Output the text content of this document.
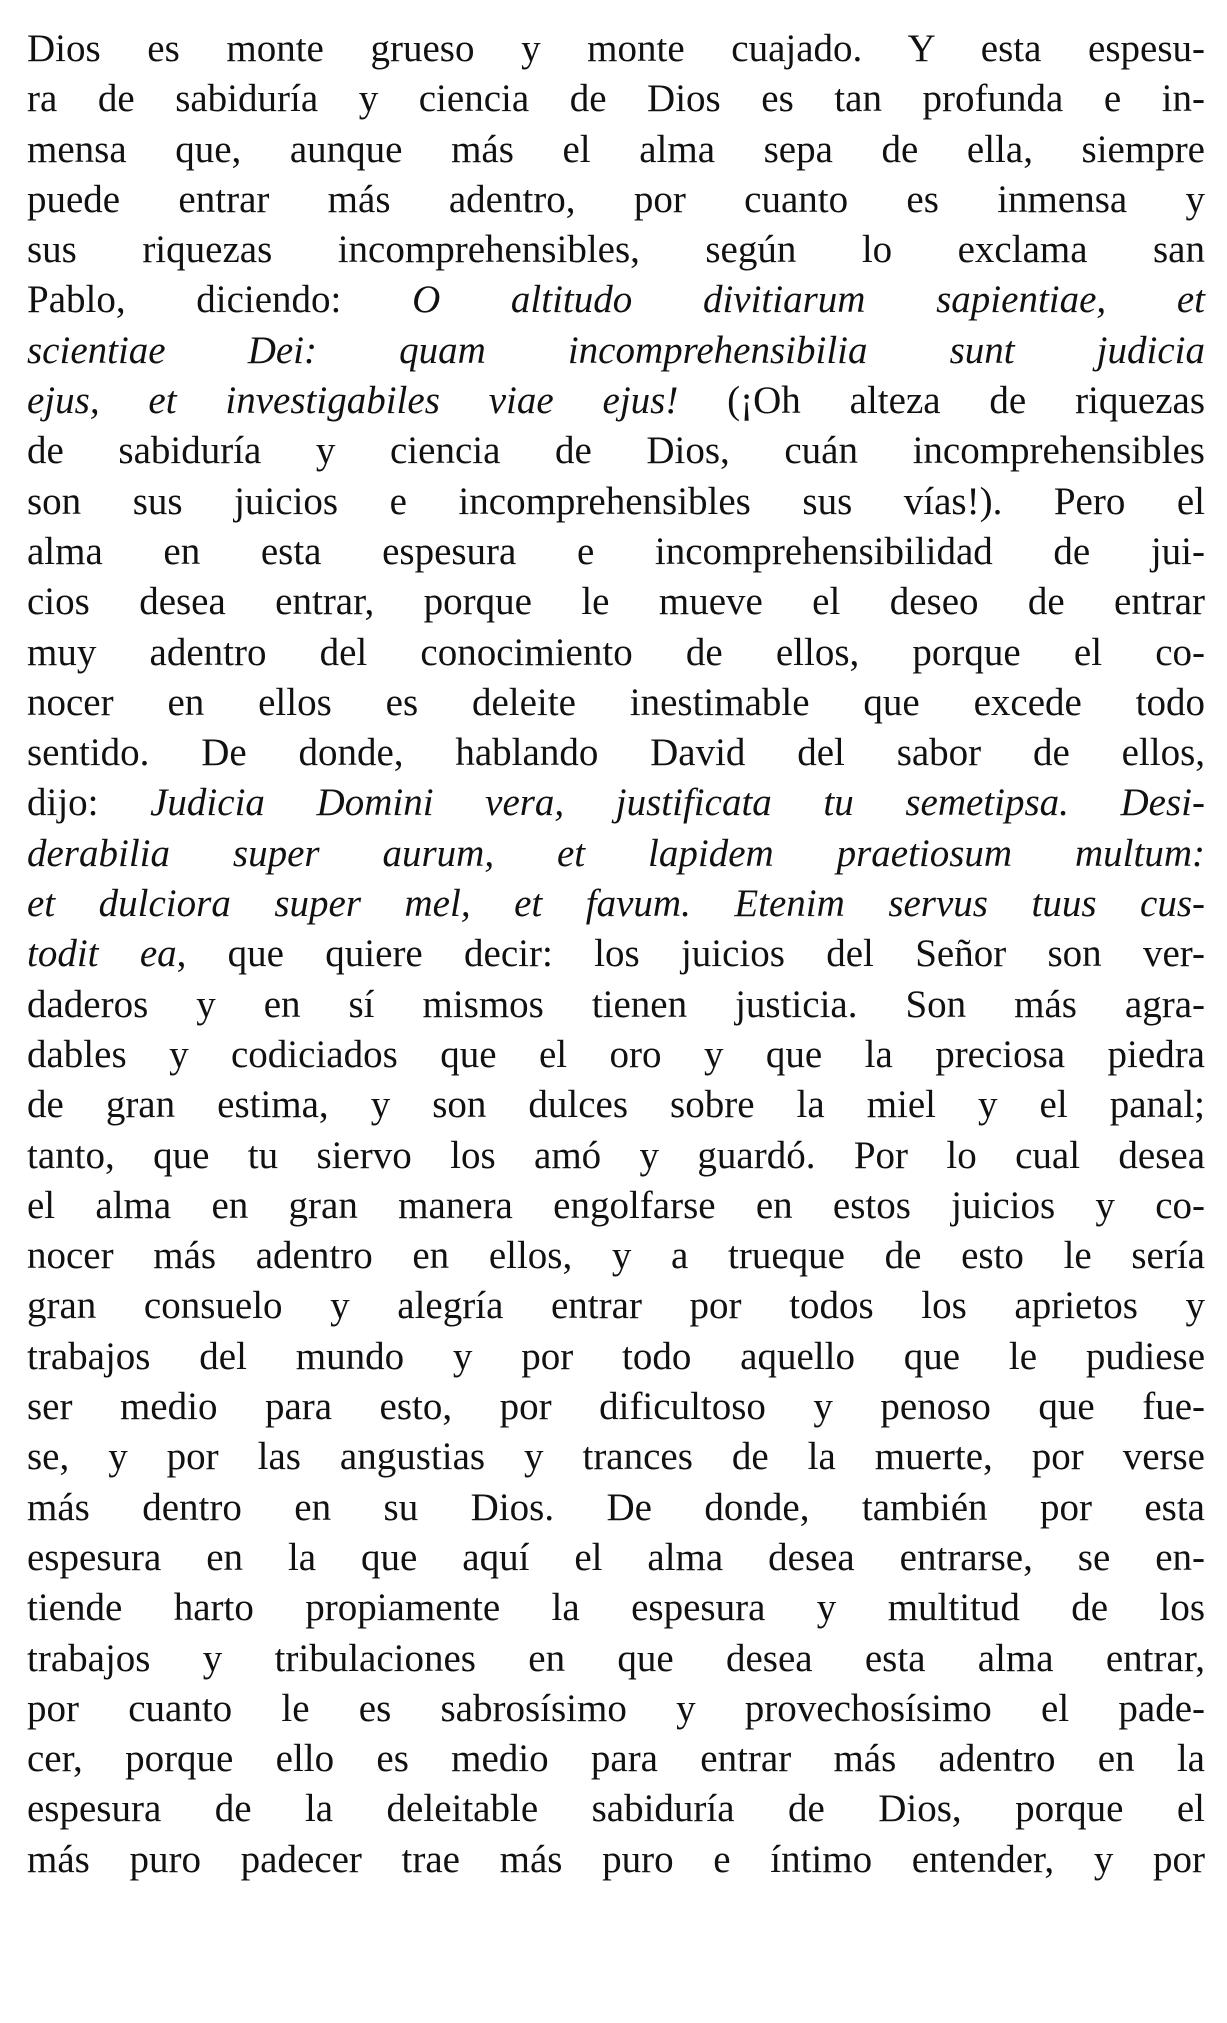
Dios es monte grueso y monte cuajado. Y esta espesu-
ra de sabiduría y ciencia de Dios es tan profunda e in-
mensa que, aunque más el alma sepa de ella, siempre
puede entrar más adentro, por cuanto es inmensa y
sus riquezas incomprehensibles, según lo exclama san
Pablo, diciendo: O altitudo divitiarum sapientiae, et
scientiae Dei: quam incomprehensibilia sunt judicia
ejus, et investigabiles viae ejus! (¡Oh alteza de riquezas
de sabiduría y ciencia de Dios, cuán incomprehensibles
son sus juicios e incomprehensibles sus vías!). Pero el
alma en esta espesura e incomprehensibilidad de jui-
cios desea entrar, porque le mueve el deseo de entrar
muy adentro del conocimiento de ellos, porque el co-
nocer en ellos es deleite inestimable que excede todo
sentido. De donde, hablando David del sabor de ellos,
dijo: Judicia Domini vera, justificata tu semetipsa. Desi-
derabilia super aurum, et lapidem praetiosum multum:
et dulciora super mel, et favum. Etenim servus tuus cus-
todit ea, que quiere decir: los juicios del Señor son ver-
daderos y en sí mismos tienen justicia. Son más agra-
dables y codiciados que el oro y que la preciosa piedra
de gran estima, y son dulces sobre la miel y el panal;
tanto, que tu siervo los amó y guardó. Por lo cual desea
el alma en gran manera engolfarse en estos juicios y co-
nocer más adentro en ellos, y a trueque de esto le sería
gran consuelo y alegría entrar por todos los aprietos y
trabajos del mundo y por todo aquello que le pudiese
ser medio para esto, por dificultoso y penoso que fue-
se, y por las angustias y trances de la muerte, por verse
más dentro en su Dios. De donde, también por esta
espesura en la que aquí el alma desea entrarse, se en-
tiende harto propiamente la espesura y multitud de los
trabajos y tribulaciones en que desea esta alma entrar,
por cuanto le es sabrosísimo y provechosísimo el pade-
cer, porque ello es medio para entrar más adentro en la
espesura de la deleitable sabiduría de Dios, porque el
más puro padecer trae más puro e íntimo entender, y por
